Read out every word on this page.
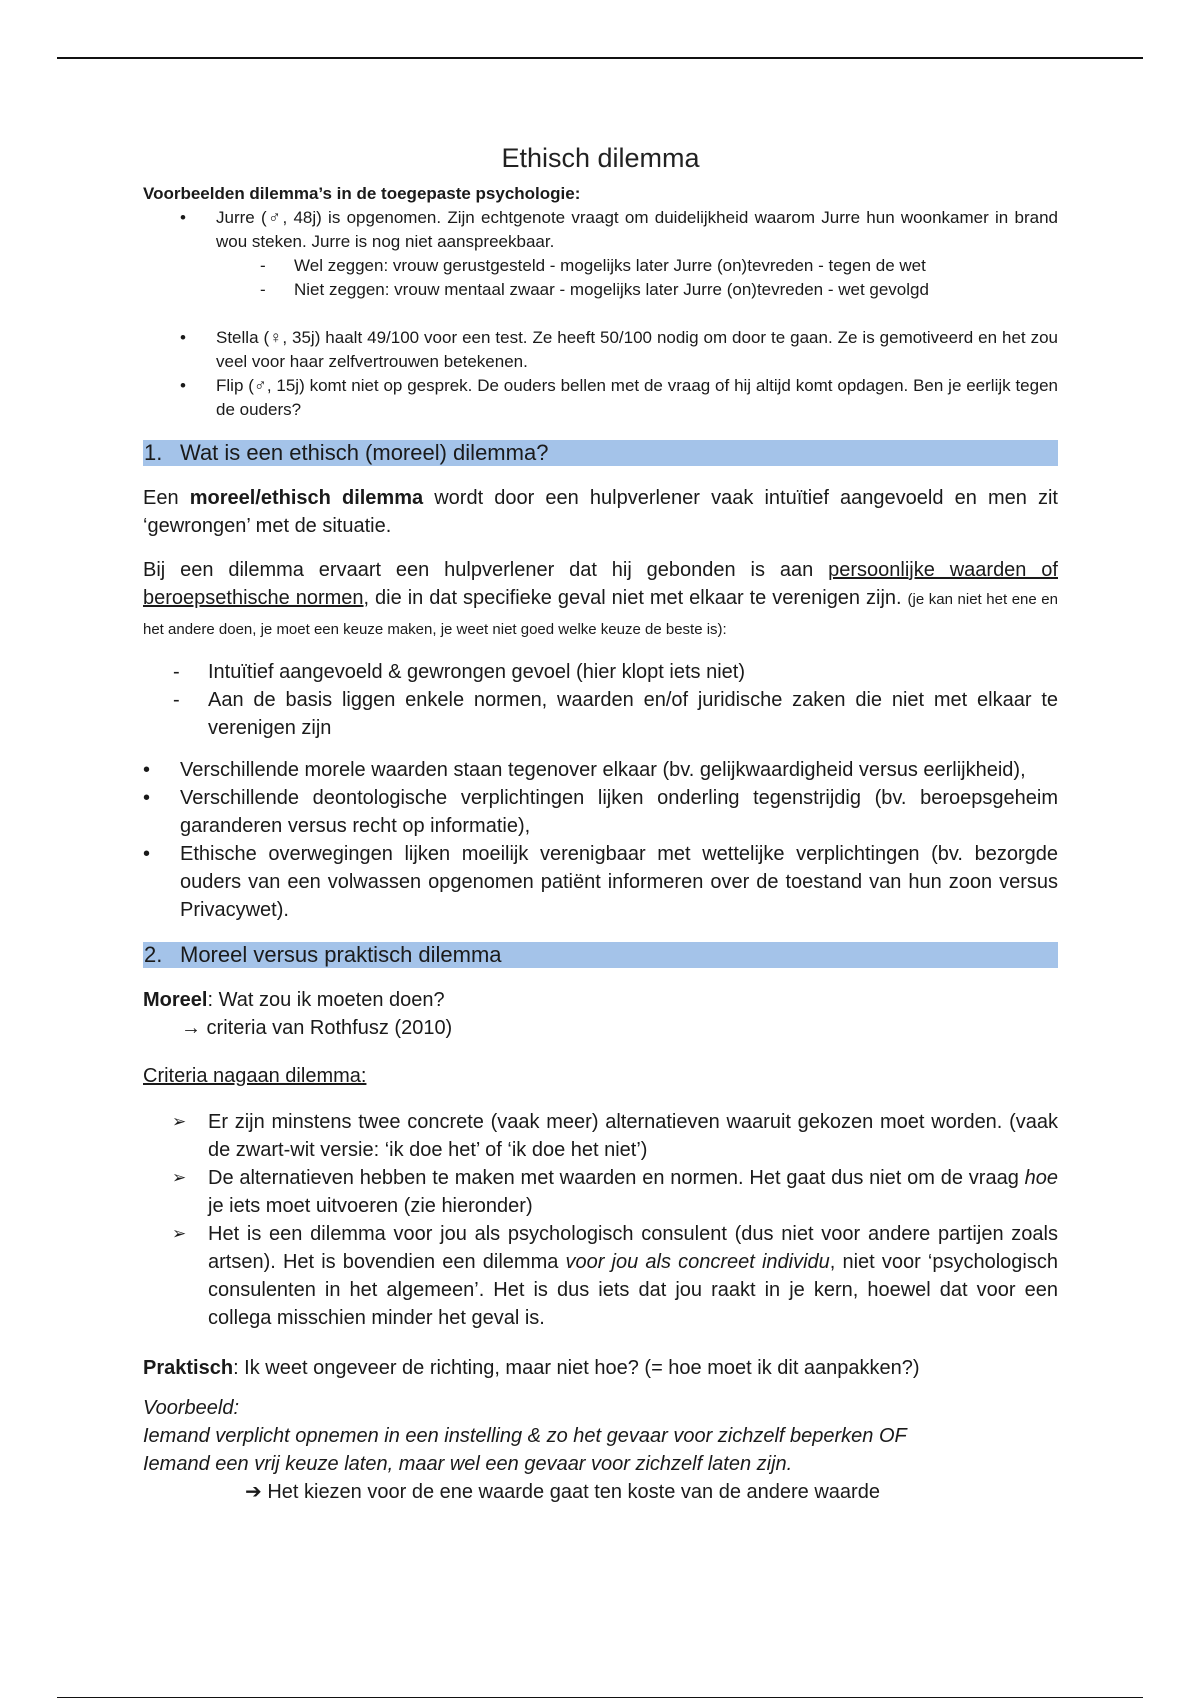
Ethisch dilemma
Voorbeelden dilemma’s in de toegepaste psychologie:
• Jurre (♂, 48j) is opgenomen. Zijn echtgenote vraagt om duidelijkheid waarom Jurre hun woonkamer in brand wou steken. Jurre is nog niet aanspreekbaar.
- Wel zeggen: vrouw gerustgesteld - mogelijks later Jurre (on)tevreden - tegen de wet
- Niet zeggen: vrouw mentaal zwaar - mogelijks later Jurre (on)tevreden - wet gevolgd
• Stella (♀, 35j) haalt 49/100 voor een test. Ze heeft 50/100 nodig om door te gaan. Ze is gemotiveerd en het zou veel voor haar zelfvertrouwen betekenen.
• Flip (♂, 15j) komt niet op gesprek. De ouders bellen met de vraag of hij altijd komt opdagen. Ben je eerlijk tegen de ouders?
1. Wat is een ethisch (moreel) dilemma?

Een moreel/ethisch dilemma wordt door een hulpverlener vaak intuïtief aangevoeld en men zit ‘gewrongen’ met de situatie.

Bij een dilemma ervaart een hulpverlener dat hij gebonden is aan persoonlijke waarden of beroepsethische normen, die in dat specifieke geval niet met elkaar te verenigen zijn. (je kan niet het ene en het andere doen, je moet een keuze maken, je weet niet goed welke keuze de beste is):

- Intuïtief aangevoeld & gewrongen gevoel (hier klopt iets niet)
- Aan de basis liggen enkele normen, waarden en/of juridische zaken die niet met elkaar te verenigen zijn
• Verschillende morele waarden staan tegenover elkaar (bv. gelijkwaardigheid versus eerlijkheid),
• Verschillende deontologische verplichtingen lijken onderling tegenstrijdig (bv. beroepsgeheim garanderen versus recht op informatie),
• Ethische overwegingen lijken moeilijk verenigbaar met wettelijke verplichtingen (bv. bezorgde ouders van een volwassen opgenomen patiënt informeren over de toestand van hun zoon versus Privacywet).
2. Moreel versus praktisch dilemma
Moreel: Wat zou ik moeten doen?
→ criteria van Rothfusz (2010)
Criteria nagaan dilemma:
➢ Er zijn minstens twee concrete (vaak meer) alternatieven waaruit gekozen moet worden. (vaak de zwart-wit versie: ‘ik doe het’ of ‘ik doe het niet’)
➢ De alternatieven hebben te maken met waarden en normen. Het gaat dus niet om de vraag hoe je iets moet uitvoeren (zie hieronder)
➢ Het is een dilemma voor jou als psychologisch consulent (dus niet voor andere partijen zoals artsen). Het is bovendien een dilemma voor jou als concreet individu, niet voor ‘psychologisch consulenten in het algemeen’. Het is dus iets dat jou raakt in je kern, hoewel dat voor een collega misschien minder het geval is.
Praktisch: Ik weet ongeveer de richting, maar niet hoe? (= hoe moet ik dit aanpakken?)
Voorbeeld:
Iemand verplicht opnemen in een instelling & zo het gevaar voor zichzelf beperken OF
Iemand een vrij keuze laten, maar wel een gevaar voor zichzelf laten zijn.
➔ Het kiezen voor de ene waarde gaat ten koste van de andere waarde
